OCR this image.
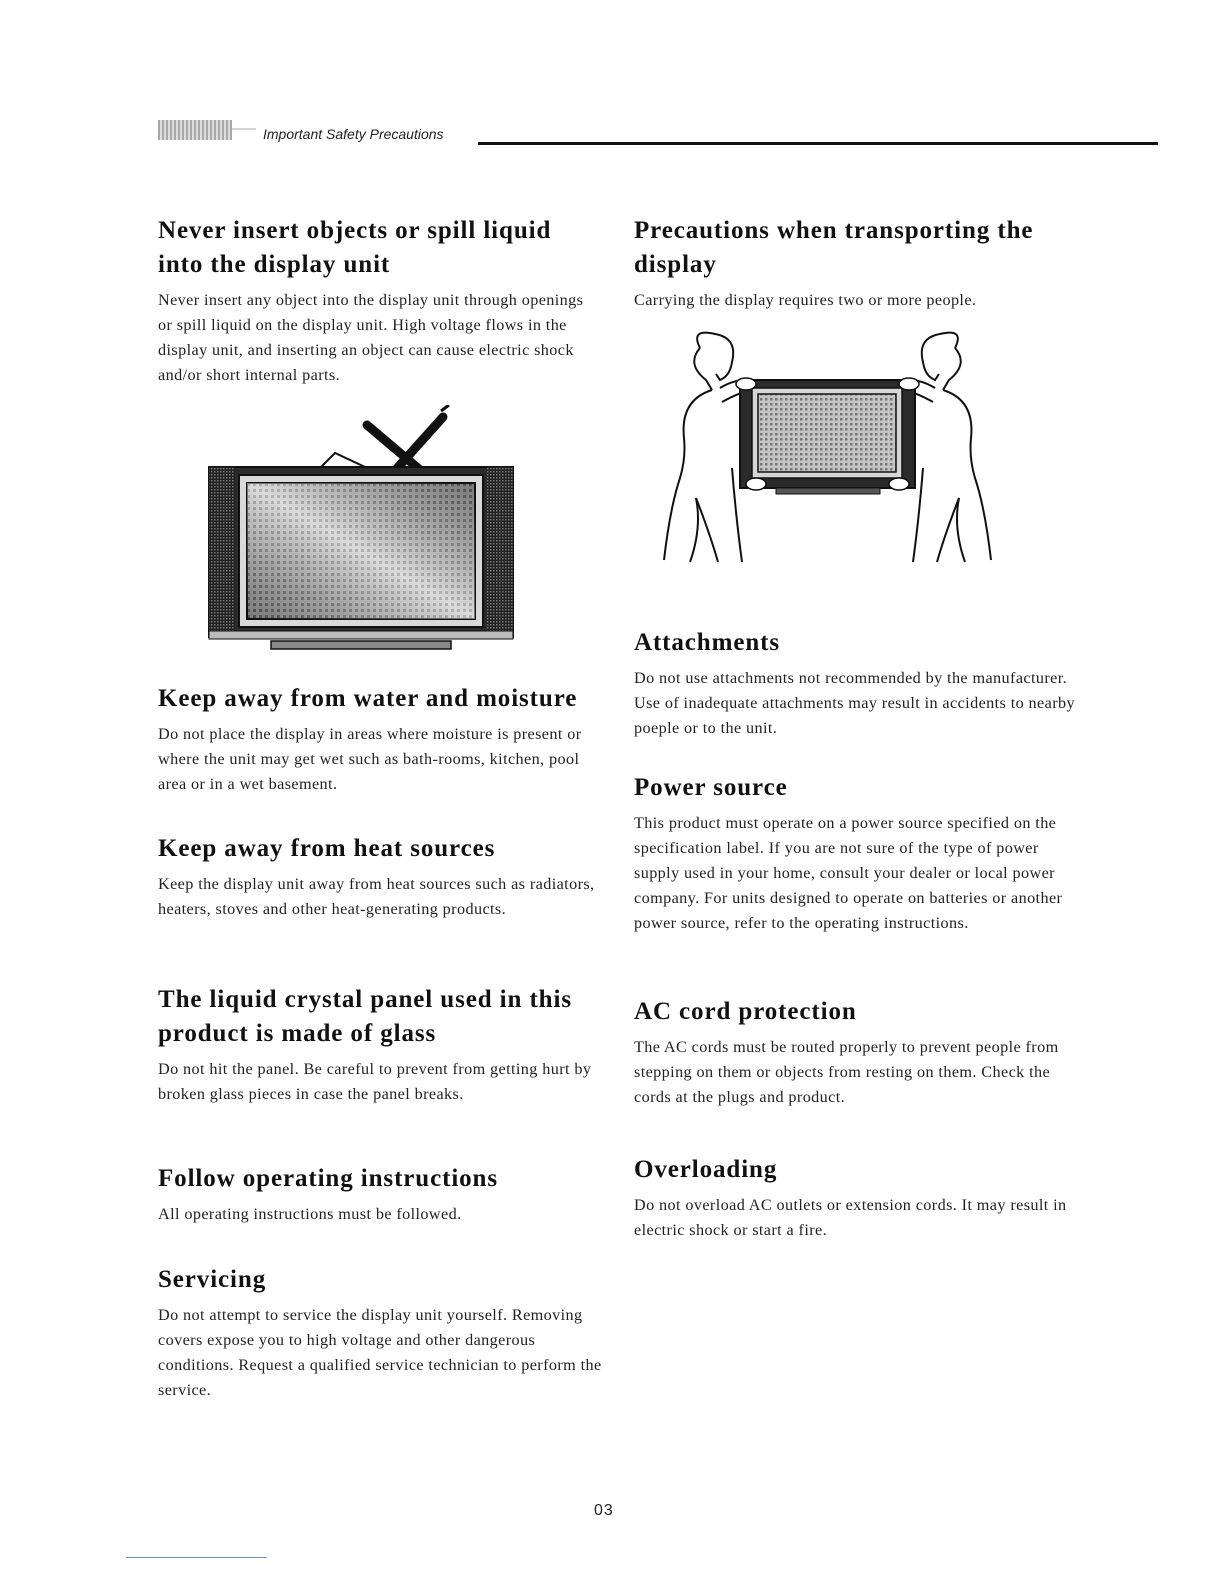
Important Safety Precautions
Never insert objects or spill liquid into the display unit

Never insert any object into the display unit through openings or spill liquid on the display unit. High voltage flows in the display unit, and inserting an object can cause electric shock and/or short internal parts.

Keep away from water and moisture

Do not place the display in areas where moisture is present or where the unit may get wet such as bath-rooms, kitchen, pool area or in a wet basement.

Keep away from heat sources

Keep the display unit away from heat sources such as radiators, heaters, stoves and other heat-generating products.

The liquid crystal panel used in this product is made of glass

Do not hit the panel. Be careful to prevent from getting hurt by broken glass pieces in case the panel breaks.

Follow operating instructions

All operating instructions must be followed.

Servicing

Do not attempt to service the display unit yourself. Removing covers expose you to high voltage and other dangerous conditions. Request a qualified service technician to perform the service.

Precautions when transporting the display

Carrying the display requires two or more people.

Attachments

Do not use attachments not recommended by the manufacturer. Use of inadequate attachments may result in accidents to nearby poeple or to the unit.

Power source

This product must operate on a power source specified on the specification label. If you are not sure of the type of power supply used in your home, consult your dealer or local power company. For units designed to operate on batteries or another power source, refer to the operating instructions.

AC cord protection

The AC cords must be routed properly to prevent people from stepping on them or objects from resting on them. Check the cords at the plugs and product.

Overloading

Do not overload AC outlets or extension cords. It may result in electric shock or start a fire.

03
